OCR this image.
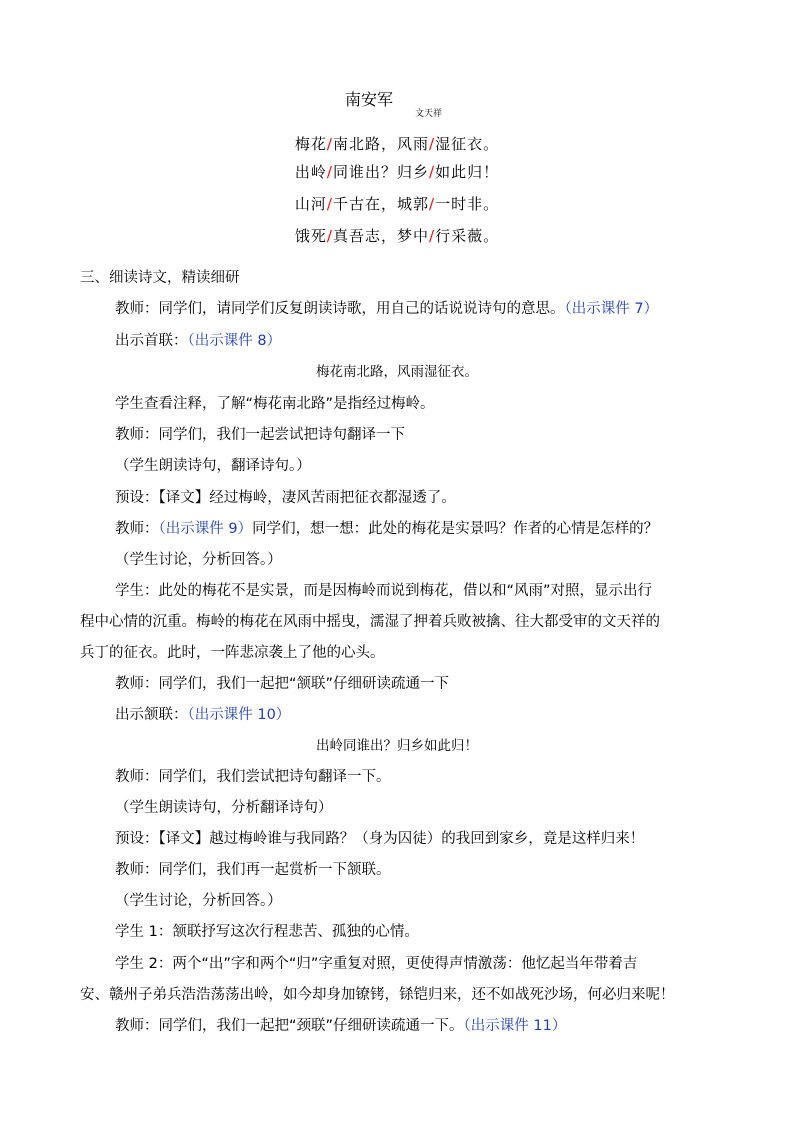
南安军
文天祥
梅花/南北路，风雨/湿征衣。
出岭/同谁出？归乡/如此归！
山河/千古在，城郭/一时非。
饿死/真吾志，梦中/行采薇。
三、细读诗文，精读细研
教师：同学们，请同学们反复朗读诗歌，用自己的话说说诗句的意思。（出示课件 7）
出示首联：（出示课件 8）
梅花南北路，风雨湿征衣。
学生查看注释，了解“梅花南北路”是指经过梅岭。
教师：同学们，我们一起尝试把诗句翻译一下
（学生朗读诗句，翻译诗句。）
预设：【译文】经过梅岭，凄风苦雨把征衣都湿透了。
教师：（出示课件 9）同学们，想一想：此处的梅花是实景吗？作者的心情是怎样的？
（学生讨论，分析回答。）
学生：此处的梅花不是实景，而是因梅岭而说到梅花，借以和“风雨”对照，显示出行
程中心情的沉重。梅岭的梅花在风雨中摇曳，濡湿了押着兵败被擒、往大都受审的文天祥的
兵丁的征衣。此时，一阵悲凉袭上了他的心头。
教师：同学们，我们一起把“颔联”仔细研读疏通一下
出示颔联：（出示课件 10）
出岭同谁出？归乡如此归！
教师：同学们，我们尝试把诗句翻译一下。
（学生朗读诗句，分析翻译诗句）
预设：【译文】越过梅岭谁与我同路？（身为囚徒）的我回到家乡，竟是这样归来！
教师：同学们，我们再一起赏析一下颔联。
（学生讨论，分析回答。）
学生 1：颔联抒写这次行程悲苦、孤独的心情。
学生 2：两个“出”字和两个“归”字重复对照，更使得声情激荡：他忆起当年带着吉
安、赣州子弟兵浩浩荡荡出岭，如今却身加镣铐，铩铠归来，还不如战死沙场，何必归来呢！
教师：同学们，我们一起把“颈联”仔细研读疏通一下。（出示课件 11）
